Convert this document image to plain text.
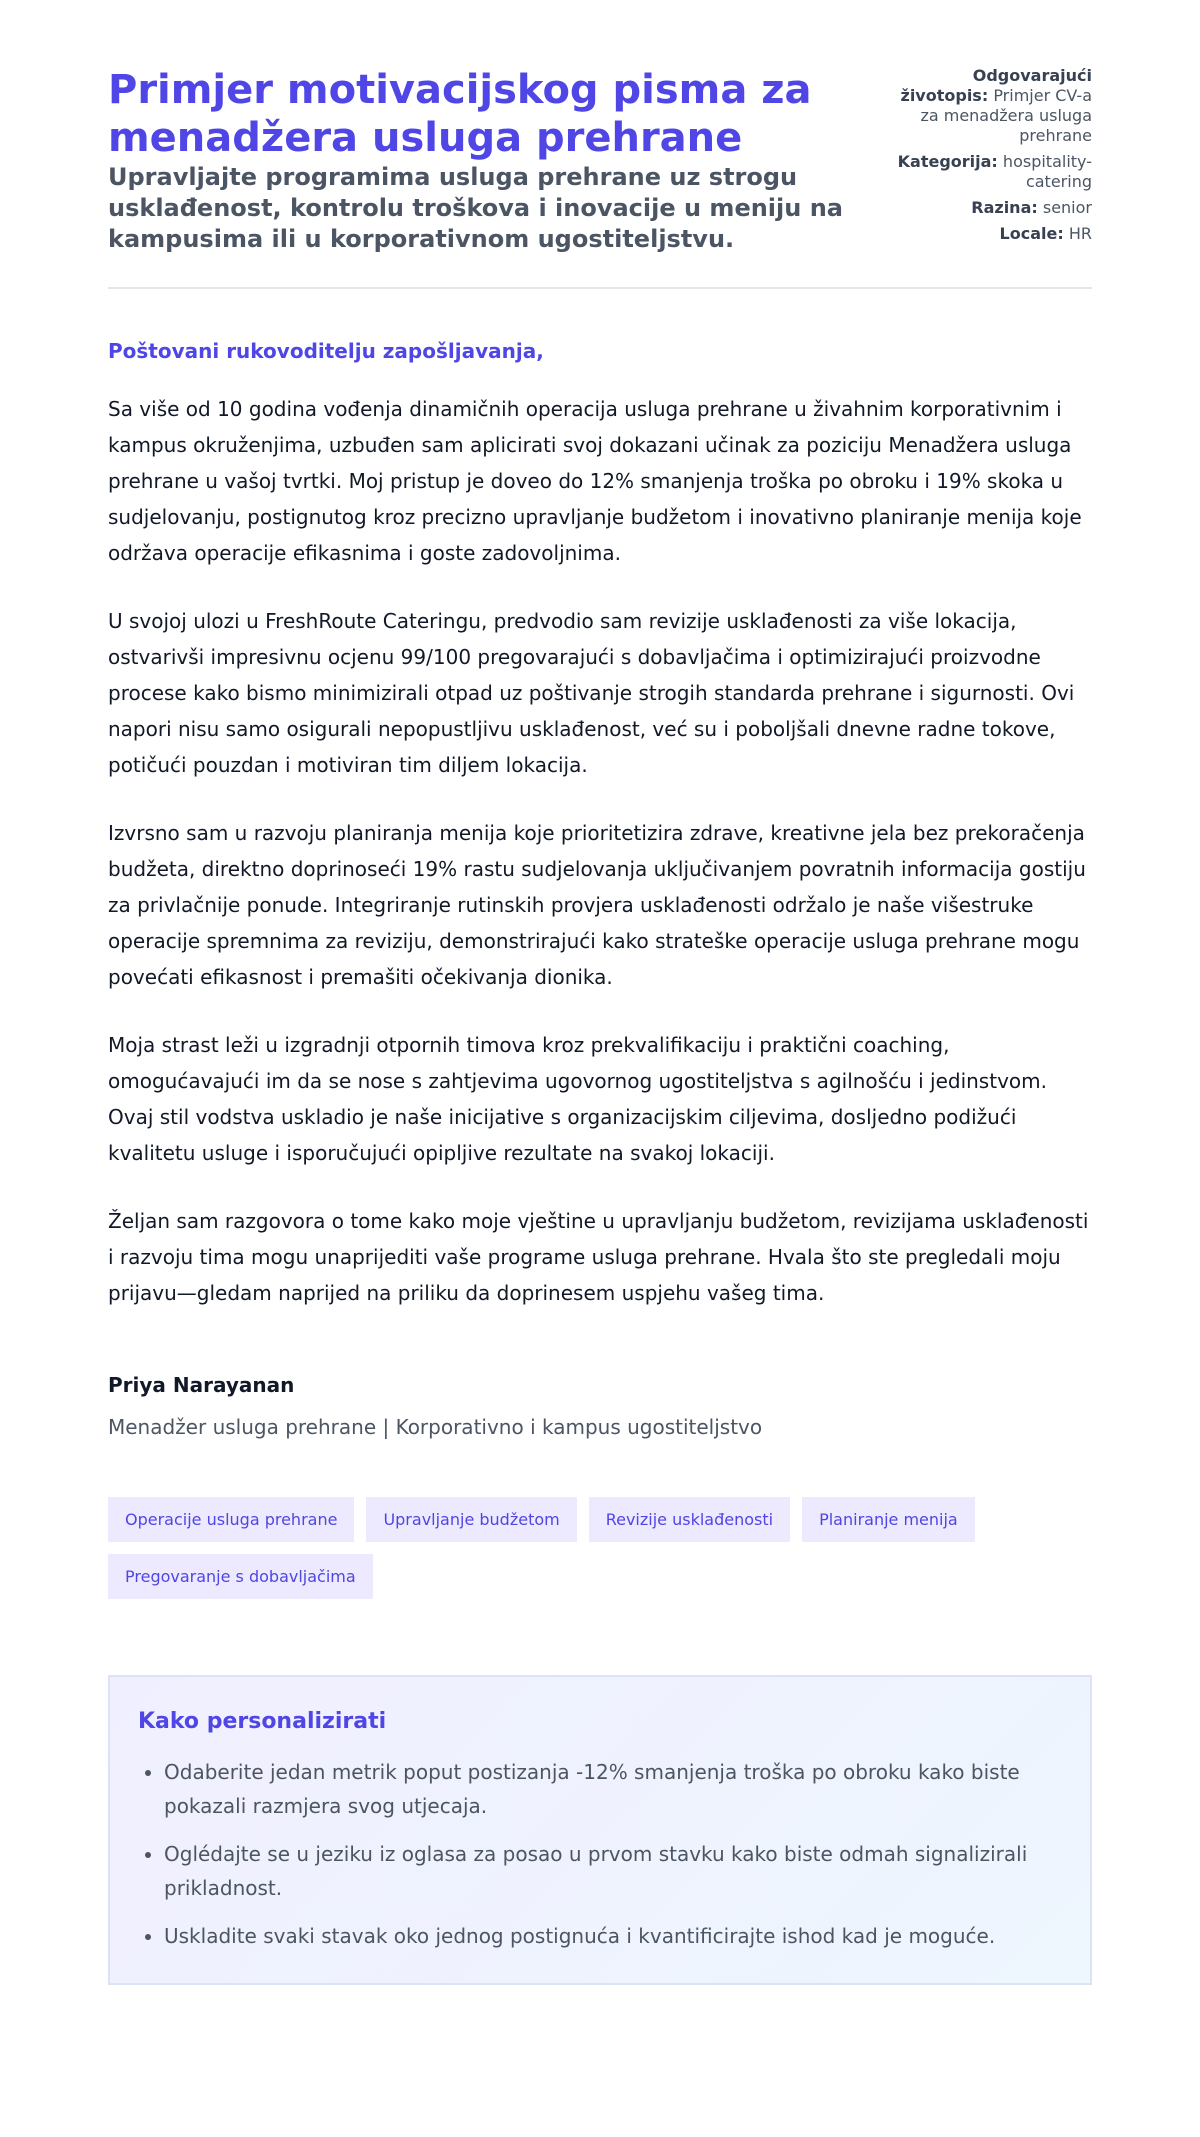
Primjer motivacijskog pisma za menadžera usluga prehrane
Upravljajte programima usluga prehrane uz strogu usklađenost, kontrolu troškova i inovacije u meniju na kampusima ili u korporativnom ugostiteljstvu.
Odgovarajući životopis: Primjer CV-a za menadžera usluga prehrane
Kategorija: hospitality-catering
Razina: senior
Locale: HR
Poštovani rukovoditelju zapošljavanja,

Sa više od 10 godina vođenja dinamičnih operacija usluga prehrane u živahnim korporativnim i kampus okruženjima, uzbuđen sam aplicirati svoj dokazani učinak za poziciju Menadžera usluga prehrane u vašoj tvrtki. Moj pristup je doveo do 12% smanjenja troška po obroku i 19% skoka u sudjelovanju, postignutog kroz precizno upravljanje budžetom i inovativno planiranje menija koje održava operacije efikasnima i goste zadovoljnima.

U svojoj ulozi u FreshRoute Cateringu, predvodio sam revizije usklađenosti za više lokacija, ostvarivši impresivnu ocjenu 99/100 pregovarajući s dobavljačima i optimizirajući proizvodne procese kako bismo minimizirali otpad uz poštivanje strogih standarda prehrane i sigurnosti. Ovi napori nisu samo osigurali nepopustljivu usklađenost, već su i poboljšali dnevne radne tokove, potičući pouzdan i motiviran tim diljem lokacija.

Izvrsno sam u razvoju planiranja menija koje prioritetizira zdrave, kreativne jela bez prekoračenja budžeta, direktno doprinoseći 19% rastu sudjelovanja uključivanjem povratnih informacija gostiju za privlačnije ponude. Integriranje rutinskih provjera usklađenosti održalo je naše višestruke operacije spremnima za reviziju, demonstrirajući kako strateške operacije usluga prehrane mogu povećati efikasnost i premašiti očekivanja dionika.

Moja strast leži u izgradnji otpornih timova kroz prekvalifikaciju i praktični coaching, omogućavajući im da se nose s zahtjevima ugovornog ugostiteljstva s agilnošću i jedinstvom. Ovaj stil vodstva uskladio je naše inicijative s organizacijskim ciljevima, dosljedno podižući kvalitetu usluge i isporučujući opipljive rezultate na svakoj lokaciji.

Željan sam razgovora o tome kako moje vještine u upravljanju budžetom, revizijama usklađenosti i razvoju tima mogu unaprijediti vaše programe usluga prehrane. Hvala što ste pregledali moju prijavu—gledam naprijed na priliku da doprinesem uspjehu vašeg tima.

Priya Narayanan
Menadžer usluga prehrane | Korporativno i kampus ugostiteljstvo
Operacije usluga prehrane	Upravljanje budžetom	Revizije usklađenosti	Planiranje menija
Pregovaranje s dobavljačima
Kako personalizirati
• Odaberite jedan metrik poput postizanja -12% smanjenja troška po obroku kako biste pokazali razmjera svog utjecaja.
• Oglédajte se u jeziku iz oglasa za posao u prvom stavku kako biste odmah signalizirali prikladnost.
• Uskladite svaki stavak oko jednog postignuća i kvantificirajte ishod kad je moguće.
